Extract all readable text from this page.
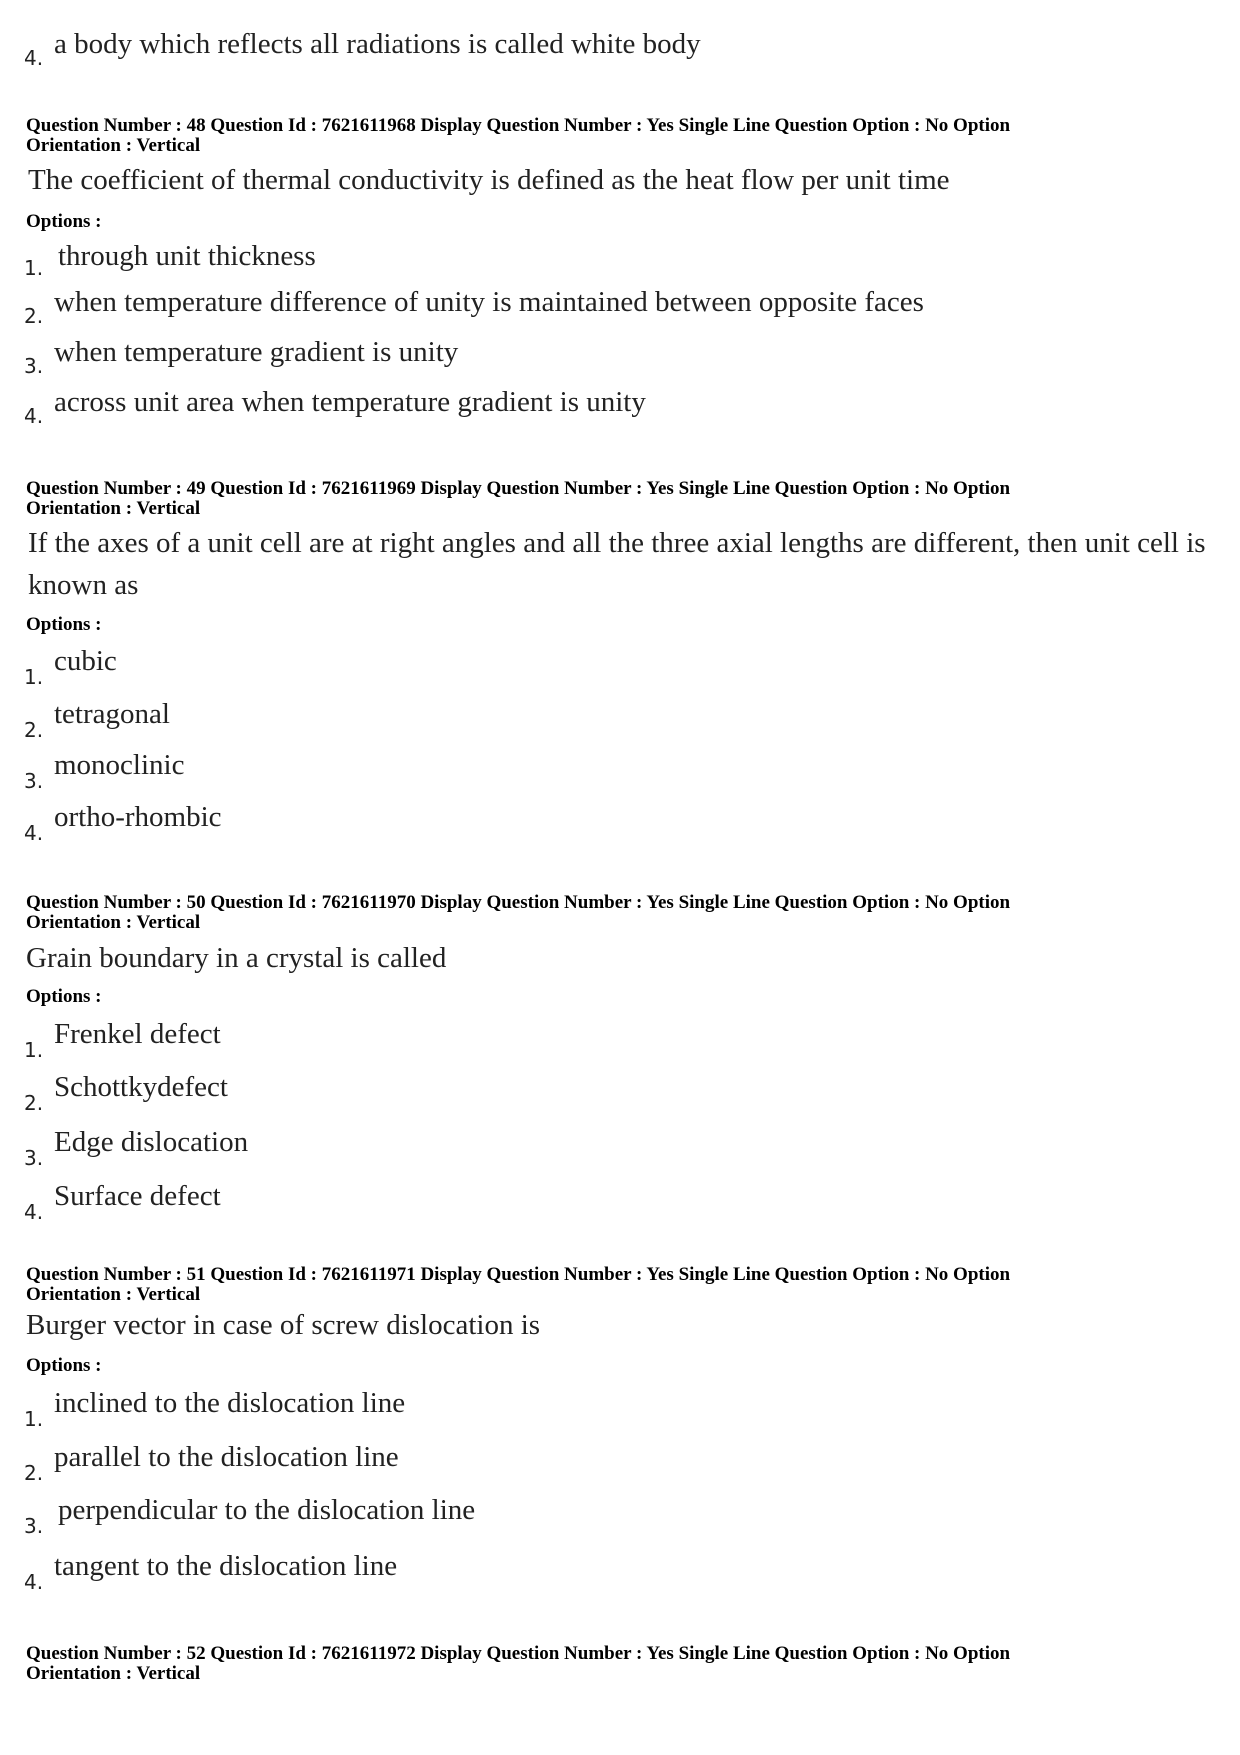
4. a body which reflects all radiations is called white body
Question Number : 48 Question Id : 7621611968 Display Question Number : Yes Single Line Question Option : No Option
Orientation : Vertical
The coefficient of thermal conductivity is defined as the heat flow per unit time
Options :
1. through unit thickness
2. when temperature difference of unity is maintained between opposite faces
3. when temperature gradient is unity
4. across unit area when temperature gradient is unity
Question Number : 49 Question Id : 7621611969 Display Question Number : Yes Single Line Question Option : No Option
Orientation : Vertical
If the axes of a unit cell are at right angles and all the three axial lengths are different, then unit cell is known as
Options :
1. cubic
2. tetragonal
3. monoclinic
4. ortho-rhombic
Question Number : 50 Question Id : 7621611970 Display Question Number : Yes Single Line Question Option : No Option
Orientation : Vertical
Grain boundary in a crystal is called
Options :
1. Frenkel defect
2. Schottkydefect
3. Edge dislocation
4. Surface defect
Question Number : 51 Question Id : 7621611971 Display Question Number : Yes Single Line Question Option : No Option
Orientation : Vertical
Burger vector in case of screw dislocation is
Options :
1. inclined to the dislocation line
2. parallel to the dislocation line
3. perpendicular to the dislocation line
4. tangent to the dislocation line
Question Number : 52 Question Id : 7621611972 Display Question Number : Yes Single Line Question Option : No Option
Orientation : Vertical
